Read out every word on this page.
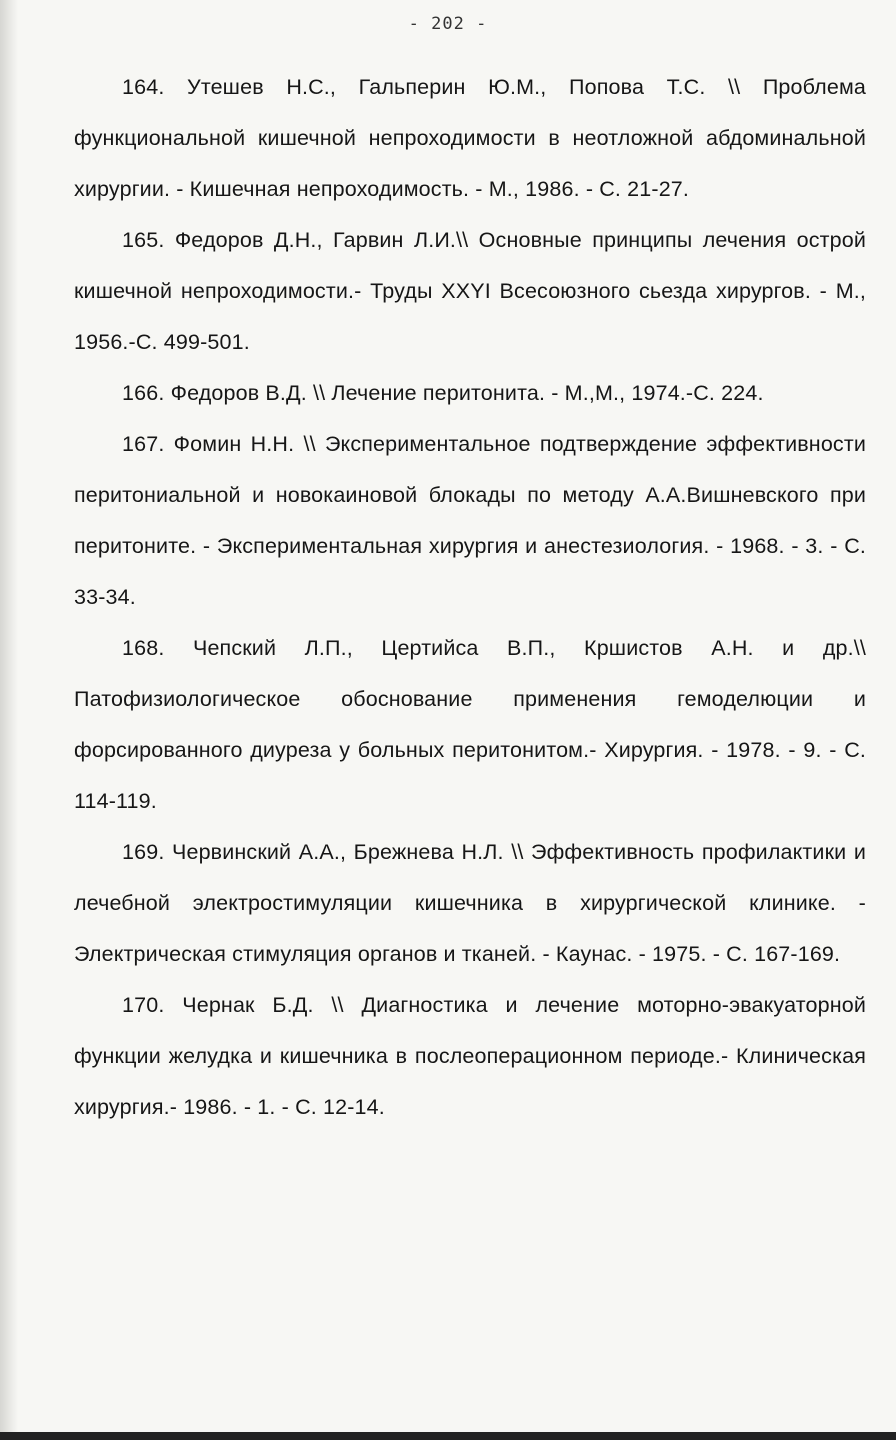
- 202 -

164. Утешев Н.С., Гальперин Ю.М., Попова Т.С. \\ Проблема функциональной кишечной непроходимости в неотложной абдоминальной хирургии. - Кишечная непроходимость. - М., 1986. - С. 21-27.

165. Федоров Д.Н., Гарвин Л.И.\\ Основные принципы лечения острой кишечной непроходимости.- Труды XXYI Всесоюзного сьезда хирургов. - М., 1956.-С. 499-501.

166. Федоров В.Д. \\ Лечение перитонита. - М.,М., 1974.-С. 224.

167. Фомин Н.Н. \\ Экспериментальное подтверждение эффективности перитониальной и новокаиновой блокады по методу А.А.Вишневского при перитоните. - Экспериментальная хирургия и анестезиология. - 1968. - 3. - С. 33-34.

168. Чепский Л.П., Цертийса В.П., Кршистов А.Н. и др.\\ Патофизиологическое обоснование применения гемоделюции и форсированного диуреза у больных перитонитом.- Хирургия. - 1978. - 9. - С. 114-119.

169. Червинский А.А., Брежнева Н.Л. \\ Эффективность профилактики и лечебной электростимуляции кишечника в хирургической клинике. - Электрическая стимуляция органов и тканей. - Каунас. - 1975. - С. 167-169.

170. Чернак Б.Д. \\ Диагностика и лечение моторно-эвакуаторной функции желудка и кишечника в послеоперационном периоде.- Клиническая хирургия.- 1986. - 1. - С. 12-14.
